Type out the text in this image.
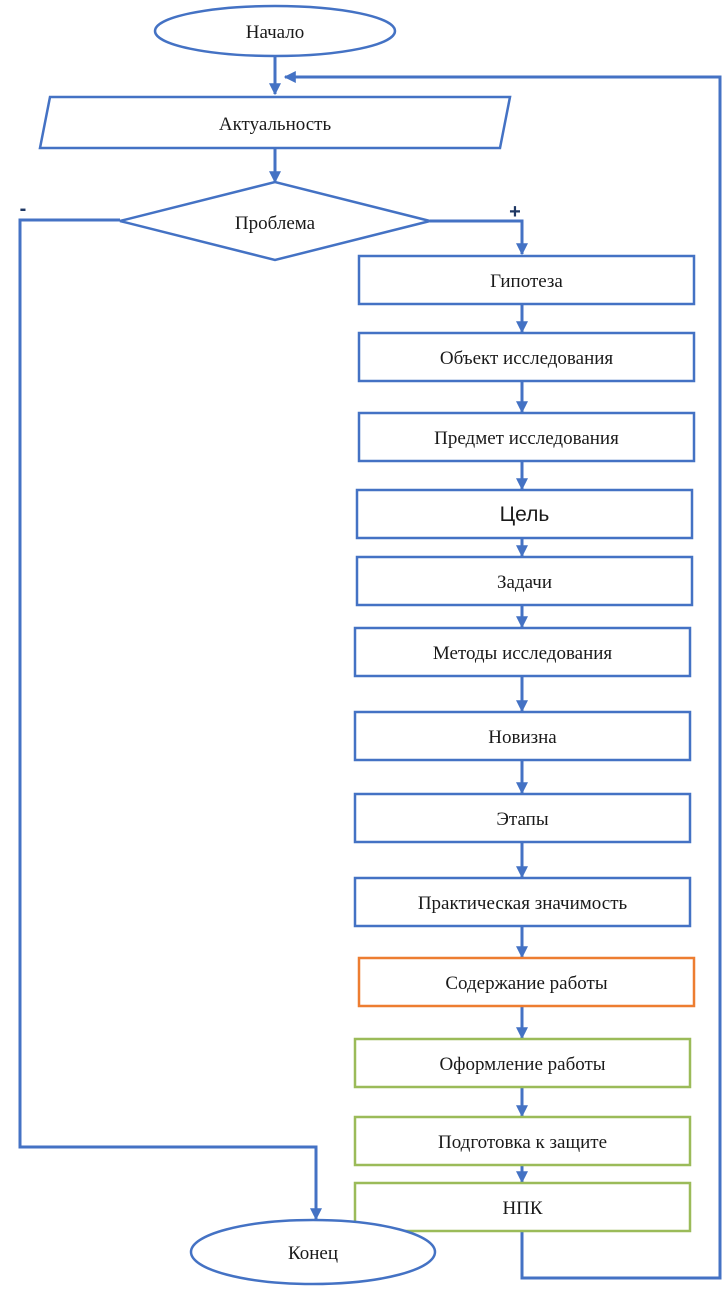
Начало
Актуальность
Проблема
-	+
Гипотеза
Объект исследования
Предмет исследования
Цель
Задачи
Методы исследования
Новизна
Этапы
Практическая значимость
Содержание работы
Оформление работы
Подготовка к защите
НПК
Конец
